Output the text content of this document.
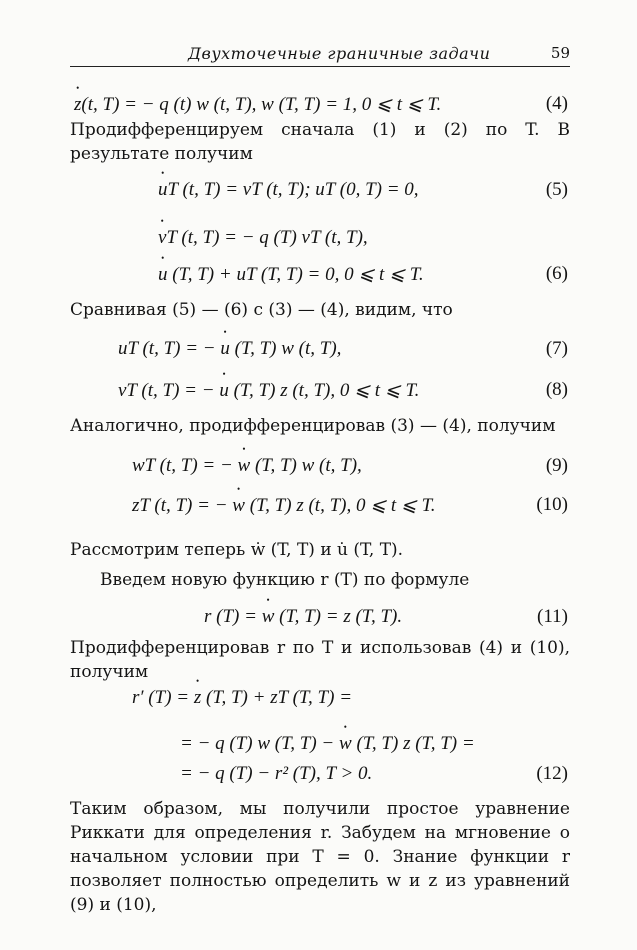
Двухточечные граничные задачи	59
• z(t, T) = − q (t) w (t, T), w (T, T) = 1, 0 ⩽ t ⩽ T.	(4)

Продифференцируем сначала (1) и (2) по T. В результате получим

• uT (t, T) = vT (t, T); uT (0, T) = 0,	(5)
• vT (t, T) = − q (T) vT (t, T),
• u (T, T) + uT (T, T) = 0, 0 ⩽ t ⩽ T.	(6)

Сравнивая (5) — (6) с (3) — (4), видим, что

uT (t, T) = − • u (T, T) w (t, T),	(7)
vT (t, T) = − • u (T, T) z (t, T), 0 ⩽ t ⩽ T.	(8)

Аналогично, продифференцировав (3) — (4), получим

wT (t, T) = − • w (T, T) w (t, T),	(9)
zT (t, T) = − • w (T, T) z (t, T), 0 ⩽ t ⩽ T.	(10)

Рассмотрим теперь ẇ (T, T) и u̇ (T, T).

Введем новую функцию r (T) по формуле

r (T) = • w (T, T) = z (T, T).	(11)

Продифференцировав r по T и использовав (4) и (10), получим

r′ (T) = • z (T, T) + zT (T, T) =
= − q (T) w (T, T) − • w (T, T) z (T, T) =
= − q (T) − r² (T), T > 0.	(12)

Таким образом, мы получили простое уравнение Риккати для определения r. Забудем на мгновение о начальном условии при T = 0. Знание функции r позволяет полностью определить w и z из уравнений (9) и (10),
